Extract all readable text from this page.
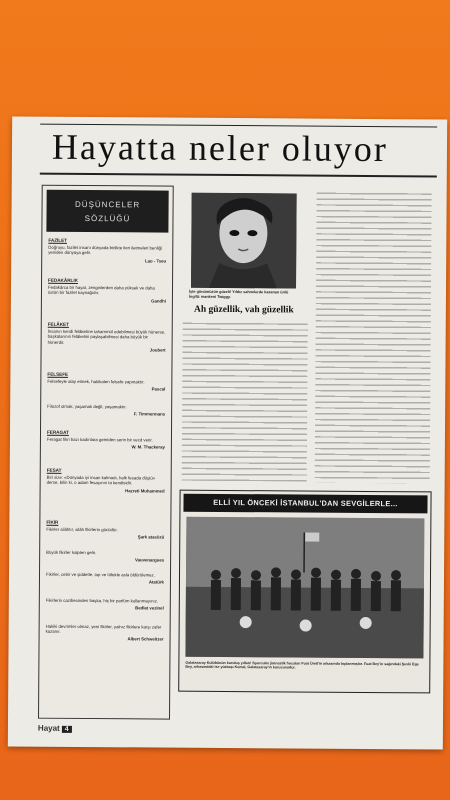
Hayatta neler oluyor
DÜŞÜNCELER
SÖZLÜĞÜ
FAZİLET
Doğruyu, fazilet insanı dünyada birlikte ileri iletmeleri benliği yeniden dünyaya gelir.
Lao - Tseu
FEDAKÂRLIK
Fedakârca bir hayat, zenginlerden daha yüksek ve daha üstün bir fazilet kaynağıdır.
Gandhi
FELÂKET
İnsanın kendi felâketine tahammül edebilmesi büyük hünerse, başkalarının felâketini paylaşabilmesi daha büyük bir hünerdir.
Joubert
FELSEFE
Felsefeyle alay etmek, hakikaten felsefe yapmaktır.
Pascal
Filozof olmak, yaşamak değil, yaşamaktır.
F. Timmermans
FERAGAT
Feragat fikri bazı kadınlara gemiden serin bir vecd verir.
W. M. Thackeray
FESAT
Biri size: «Dünyada iyi insan kalmadı, halk fesada düştü» derse, bilin ki, o adam fesaçının ta kendisidir.
Hazreti Muhammed
FİKİR
Fikirler silâhtır, silâh fikirlerin gücüdür.
Şark atasözü
Büyük fikirler kalpten gelir.
Vauvenargues
Fikirler, cebir ve şiddetle, top ve tüfekle asla öldürülemez.
Atatürk
Fikirlerin cazibesinden başka, hiç bir parfüm kullanmayınız.
Bedlat vezinel
Hakiki devrimler olmaz, yeni fikirler, yalnız fikirlere karşı zafer kazanır.
Albert Schweitzer
İşte günümüzün güzeli! Yıldız sahnelerde kazanan ünlü İngiliz mankeni Twiggy.
Ah güzellik, vah güzellik
ELLİ YIL ÖNCEKİ İSTANBUL'DAN SEVGİLERLE...
Galatasaray Kulübünün kuruluş yılları! Sporcular jimnastik hocaları Fuat Ümit'in arkasında toplanmışlar. Fuat Bey'in sağındaki Şevki Ege Bey, arkasındaki ise yüzbaşı Kemal, Galatasaray'ın kurucusudur.
Hayat 4
